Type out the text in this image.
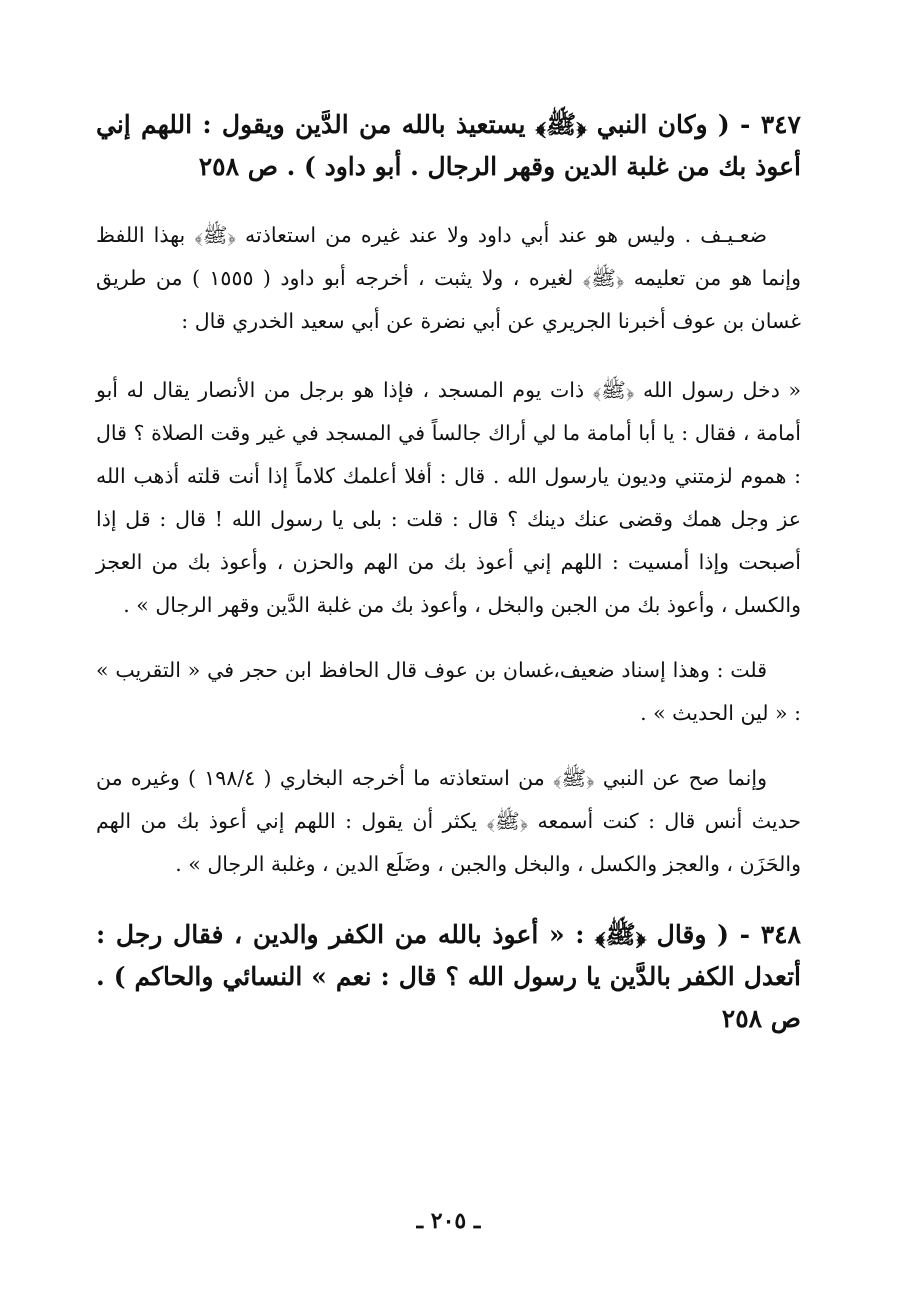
٣٤٧ - ( وكان النبي ﴿ﷺ﴾ يستعيذ بالله من الدَّين ويقول : اللهم إني أعوذ بك من غلبة الدين وقهر الرجال . أبو داود ) . ص ٢٥٨

ضعـيـف . وليس هو عند أبي داود ولا عند غيره من استعاذته ﴿ﷺ﴾ بهذا اللفظ وإنما هو من تعليمه ﴿ﷺ﴾ لغيره ، ولا يثبت ، أخرجه أبو داود ( ١٥٥٥ ) من طريق غسان بن عوف أخبرنا الجريري عن أبي نضرة عن أبي سعيد الخدري قال :

« دخل رسول الله ﴿ﷺ﴾ ذات يوم المسجد ، فإذا هو برجل من الأنصار يقال له أبو أمامة ، فقال : يا أبا أمامة ما لي أراك جالساً في المسجد في غير وقت الصلاة ؟ قال : هموم لزمتني وديون يارسول الله . قال : أفلا أعلمك كلاماً إذا أنت قلته أذهب الله عز وجل همك وقضى عنك دينك ؟ قال : قلت : بلى يا رسول الله ! قال : قل إذا أصبحت وإذا أمسيت : اللهم إني أعوذ بك من الهم والحزن ، وأعوذ بك من العجز والكسل ، وأعوذ بك من الجبن والبخل ، وأعوذ بك من غلبة الدَّين وقهر الرجال » .

قلت : وهذا إسناد ضعيف،غسان بن عوف قال الحافظ ابن حجر في « التقريب » : « لين الحديث » .

وإنما صح عن النبي ﴿ﷺ﴾ من استعاذته ما أخرجه البخاري ( ١٩٨/٤ ) وغيره من حديث أنس قال : كنت أسمعه ﴿ﷺ﴾ يكثر أن يقول : اللهم إني أعوذ بك من الهم والحَزَن ، والعجز والكسل ، والبخل والجبن ، وضَلَع الدين ، وغلبة الرجال » .

٣٤٨ - ( وقال ﴿ﷺ﴾ : « أعوذ بالله من الكفر والدين ، فقال رجل : أتعدل الكفر بالدَّين يا رسول الله ؟ قال : نعم » النسائي والحاكم ) . ص ٢٥٨
ـ ٢٠٥ ـ
